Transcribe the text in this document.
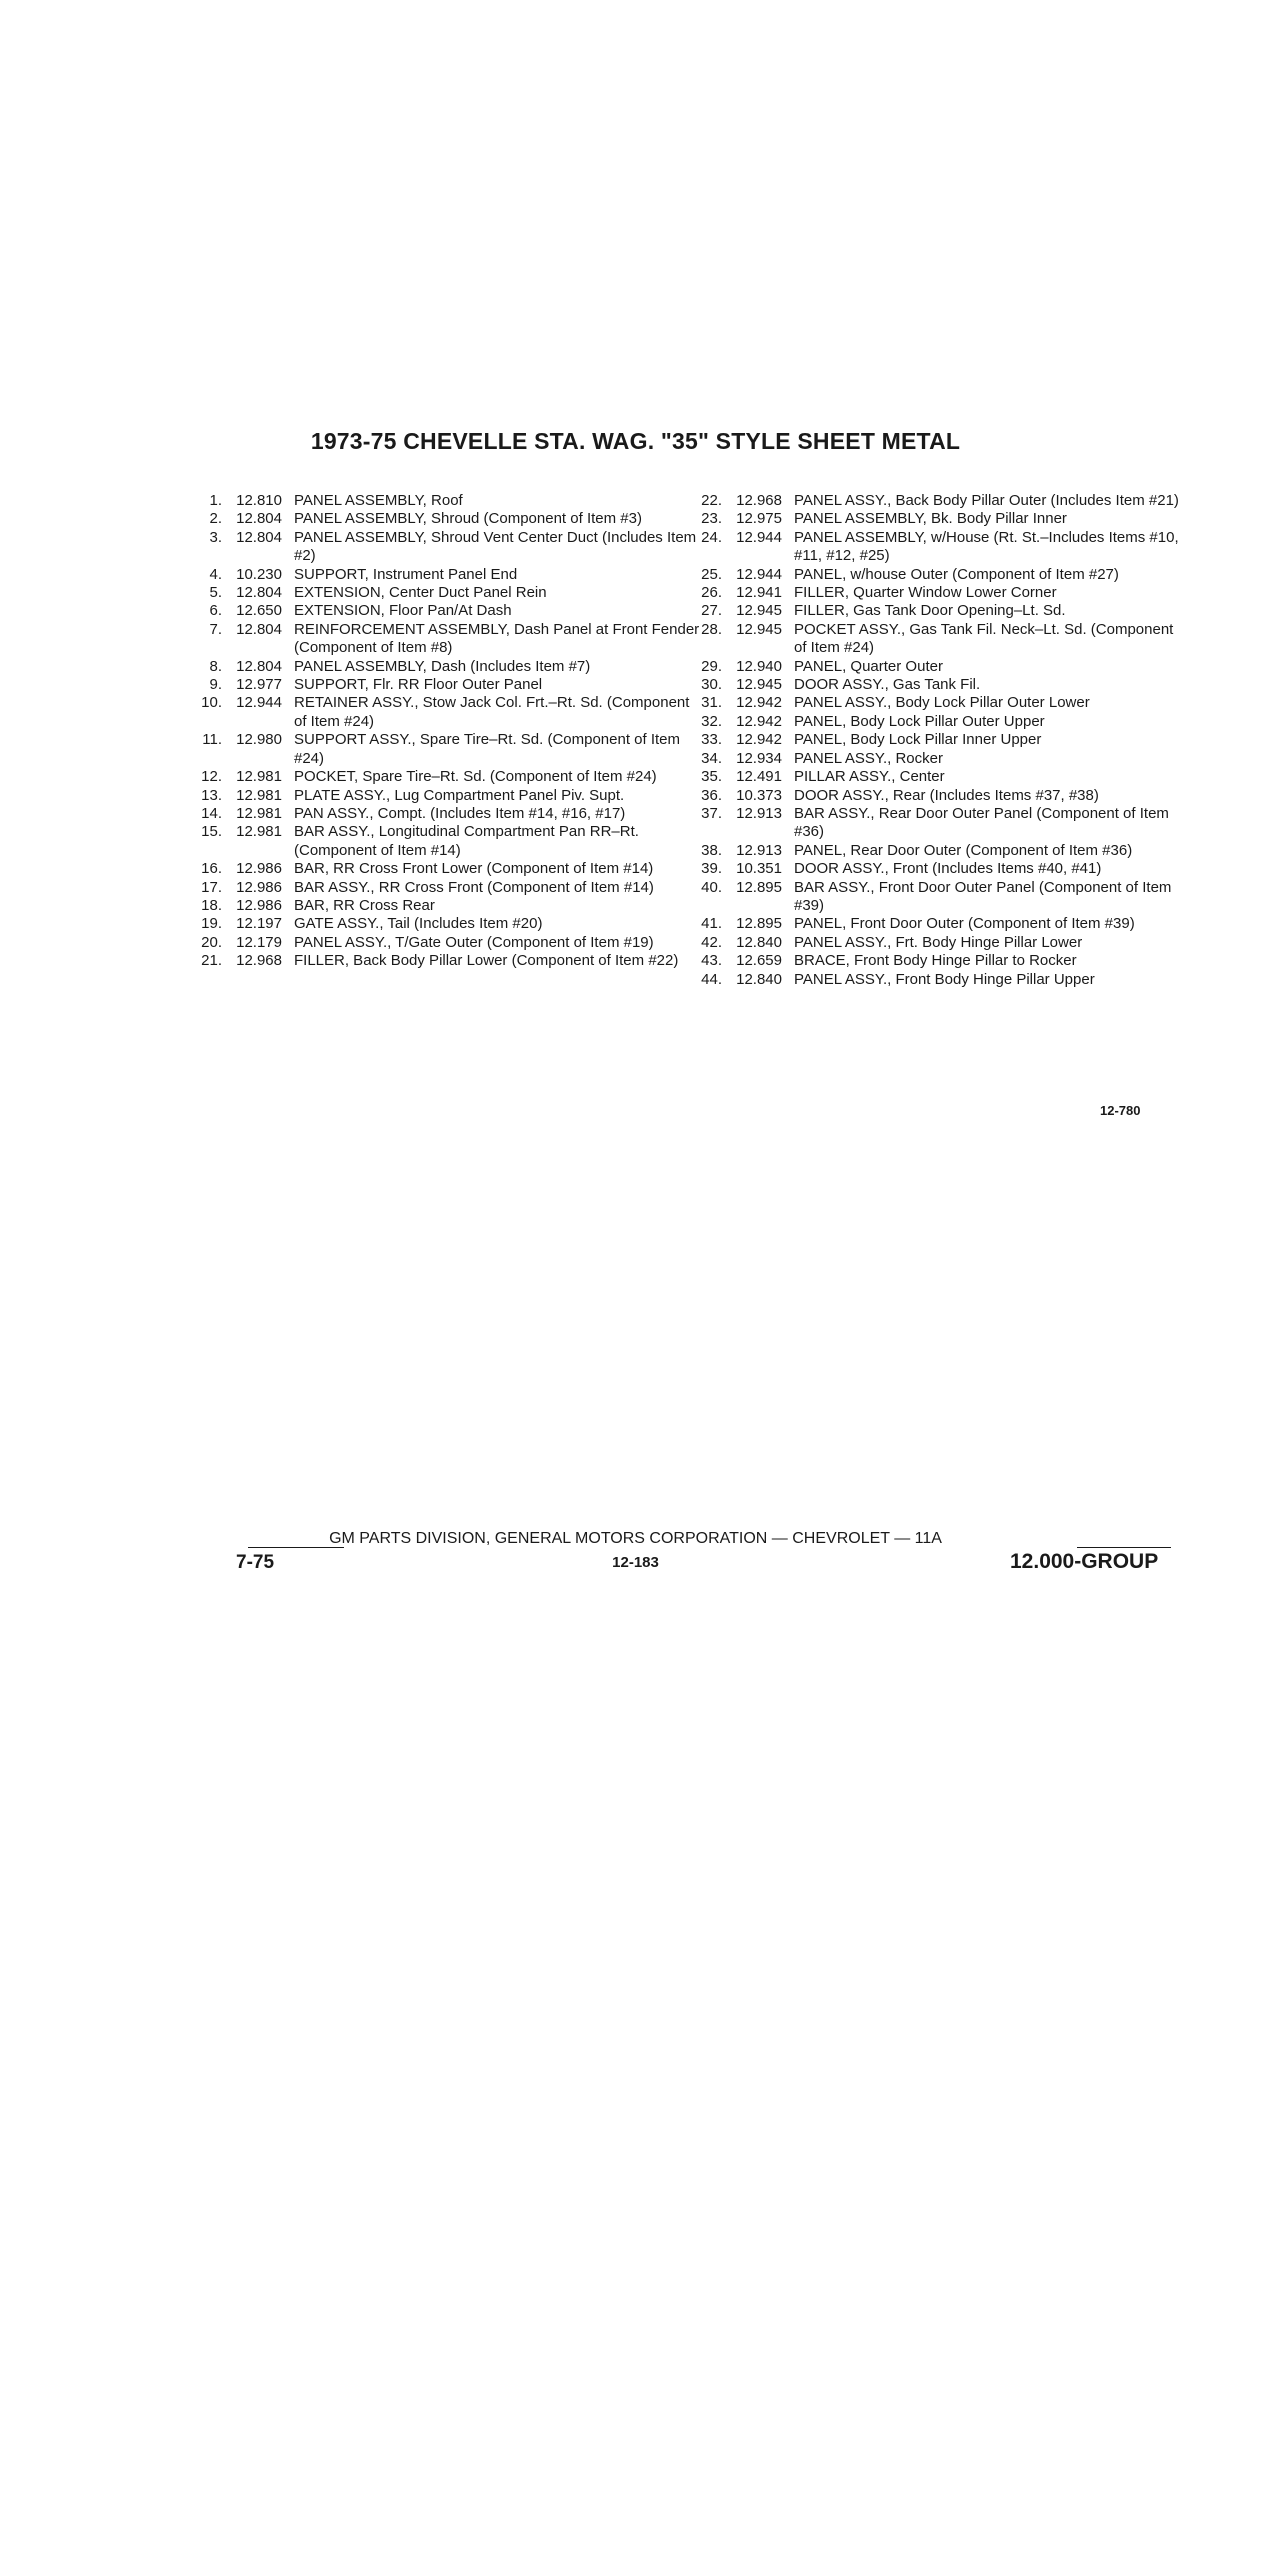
1973-75 CHEVELLE STA. WAG. "35" STYLE SHEET METAL
1. 12.810 PANEL ASSEMBLY, Roof
2. 12.804 PANEL ASSEMBLY, Shroud (Component of Item #3)
3. 12.804 PANEL ASSEMBLY, Shroud Vent Center Duct (Includes Item #2)
4. 10.230 SUPPORT, Instrument Panel End
5. 12.804 EXTENSION, Center Duct Panel Rein
6. 12.650 EXTENSION, Floor Pan/At Dash
7. 12.804 REINFORCEMENT ASSEMBLY, Dash Panel at Front Fender (Component of Item #8)
8. 12.804 PANEL ASSEMBLY, Dash (Includes Item #7)
9. 12.977 SUPPORT, Flr. RR Floor Outer Panel
10. 12.944 RETAINER ASSY., Stow Jack Col. Frt.–Rt. Sd. (Component of Item #24)
11. 12.980 SUPPORT ASSY., Spare Tire–Rt. Sd. (Component of Item #24)
12. 12.981 POCKET, Spare Tire–Rt. Sd. (Component of Item #24)
13. 12.981 PLATE ASSY., Lug Compartment Panel Piv. Supt.
14. 12.981 PAN ASSY., Compt. (Includes Item #14, #16, #17)
15. 12.981 BAR ASSY., Longitudinal Compartment Pan RR–Rt. (Component of Item #14)
16. 12.986 BAR, RR Cross Front Lower (Component of Item #14)
17. 12.986 BAR ASSY., RR Cross Front (Component of Item #14)
18. 12.986 BAR, RR Cross Rear
19. 12.197 GATE ASSY., Tail (Includes Item #20)
20. 12.179 PANEL ASSY., T/Gate Outer (Component of Item #19)
21. 12.968 FILLER, Back Body Pillar Lower (Component of Item #22)
22. 12.968 PANEL ASSY., Back Body Pillar Outer (Includes Item #21)
23. 12.975 PANEL ASSEMBLY, Bk. Body Pillar Inner
24. 12.944 PANEL ASSEMBLY, w/House (Rt. St.–Includes Items #10, #11, #12, #25)
25. 12.944 PANEL, w/house Outer (Component of Item #27)
26. 12.941 FILLER, Quarter Window Lower Corner
27. 12.945 FILLER, Gas Tank Door Opening–Lt. Sd.
28. 12.945 POCKET ASSY., Gas Tank Fil. Neck–Lt. Sd. (Component of Item #24)
29. 12.940 PANEL, Quarter Outer
30. 12.945 DOOR ASSY., Gas Tank Fil.
31. 12.942 PANEL ASSY., Body Lock Pillar Outer Lower
32. 12.942 PANEL, Body Lock Pillar Outer Upper
33. 12.942 PANEL, Body Lock Pillar Inner Upper
34. 12.934 PANEL ASSY., Rocker
35. 12.491 PILLAR ASSY., Center
36. 10.373 DOOR ASSY., Rear (Includes Items #37, #38)
37. 12.913 BAR ASSY., Rear Door Outer Panel (Component of Item #36)
38. 12.913 PANEL, Rear Door Outer (Component of Item #36)
39. 10.351 DOOR ASSY., Front (Includes Items #40, #41)
40. 12.895 BAR ASSY., Front Door Outer Panel (Component of Item #39)
41. 12.895 PANEL, Front Door Outer (Component of Item #39)
42. 12.840 PANEL ASSY., Frt. Body Hinge Pillar Lower
43. 12.659 BRACE, Front Body Hinge Pillar to Rocker
44. 12.840 PANEL ASSY., Front Body Hinge Pillar Upper
12-780
GM PARTS DIVISION, GENERAL MOTORS CORPORATION — CHEVROLET — 11A
7-75	12-183	12.000-GROUP
